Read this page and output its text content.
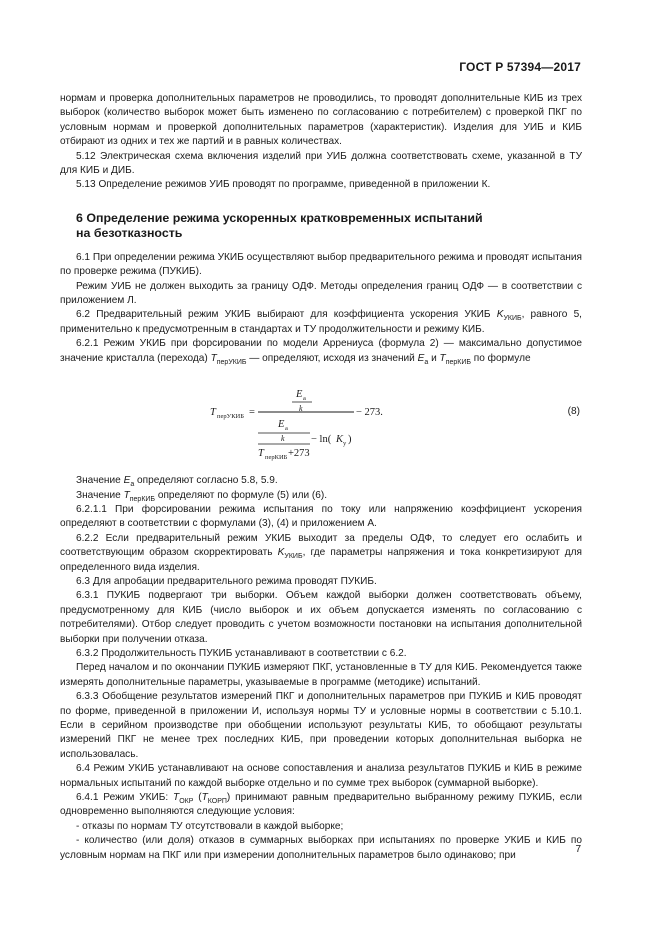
ГОСТ Р 57394—2017

нормам и проверка дополнительных параметров не проводились, то проводят дополнительные КИБ из трех выборок (количество выборок может быть изменено по согласованию с потребителем) с проверкой ПКГ по условным нормам и проверкой дополнительных параметров (характеристик). Изделия для УИБ и КИБ отбирают из одних и тех же партий и в равных количествах.

5.12 Электрическая схема включения изделий при УИБ должна соответствовать схеме, указанной в ТУ для КИБ и ДИБ.

5.13 Определение режимов УИБ проводят по программе, приведенной в приложении К.

6 Определение режима ускоренных кратковременных испытаний
на безотказность

6.1 При определении режима УКИБ осуществляют выбор предварительного режима и проводят испытания по проверке режима (ПУКИБ).

Режим УИБ не должен выходить за границу ОДФ. Методы определения границ ОДФ — в соответствии с приложением Л.

6.2 Предварительный режим УКИБ выбирают для коэффициента ускорения УКИБ $K_{УКИБ}$, равного 5, применительно к предусмотренным в стандартах и ТУ продолжительности и режиму КИБ.

6.2.1 Режим УКИБ при форсировании по модели Аррениуса (формула 2) — максимально допустимое значение кристалла (перехода) $T_{перУКИБ}$ — определяют, исходя из значений $E_a$ и $T_{перКИБ}$ по формуле

T перУКИБ =
E a
k
E a
k
T перКИБ +273
− ln( K y )
− 273.	(8)

Значение $E_a$ определяют согласно 5.8, 5.9.

Значение $T_{перКИБ}$ определяют по формуле (5) или (6).

6.2.1.1 При форсировании режима испытания по току или напряжению коэффициент ускорения определяют в соответствии с формулами (3), (4) и приложением А.

6.2.2 Если предварительный режим УКИБ выходит за пределы ОДФ, то следует его ослабить и соответствующим образом скорректировать $K_{УКИБ}$, где параметры напряжения и тока конкретизируют для определенного вида изделия.

6.3 Для апробации предварительного режима проводят ПУКИБ.

6.3.1 ПУКИБ подвергают три выборки. Объем каждой выборки должен соответствовать объему, предусмотренному для КИБ (число выборок и их объем допускается изменять по согласованию с потребителями). Отбор следует проводить с учетом возможности постановки на испытания дополнительной выборки при получении отказа.

6.3.2 Продолжительность ПУКИБ устанавливают в соответствии с 6.2.

Перед началом и по окончании ПУКИБ измеряют ПКГ, установленные в ТУ для КИБ. Рекомендуется также измерять дополнительные параметры, указываемые в программе (методике) испытаний.

6.3.3 Обобщение результатов измерений ПКГ и дополнительных параметров при ПУКИБ и КИБ проводят по форме, приведенной в приложении И, используя нормы ТУ и условные нормы в соответствии с 5.10.1. Если в серийном производстве при обобщении используют результаты КИБ, то обобщают результаты измерений ПКГ не менее трех последних КИБ, при проведении которых дополнительная выборка не использовалась.

6.4 Режим УКИБ устанавливают на основе сопоставления и анализа результатов ПУКИБ и КИБ в режиме нормальных испытаний по каждой выборке отдельно и по сумме трех выборок (суммарной выборке).

6.4.1 Режим УКИБ: $T_{ОКР}$ $(T_{КОРП})$ принимают равным предварительно выбранному режиму ПУКИБ, если одновременно выполняются следующие условия:

- отказы по нормам ТУ отсутствовали в каждой выборке;

- количество (или доля) отказов в суммарных выборках при испытаниях по проверке УКИБ и КИБ по условным нормам на ПКГ или при измерении дополнительных параметров было одинаково; при

7
